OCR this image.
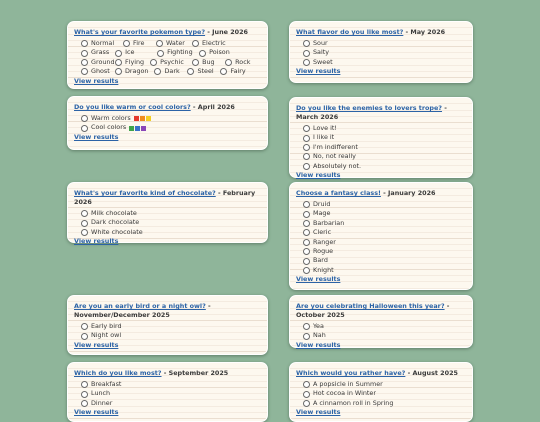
What's your favorite pokemon type? - June 2026
Normal	Fire	Water	Electric
Grass	Ice	Fighting	Poison
Ground Flying	Psychic	Bug	Rock
Ghost Dragon	Dark	Steel	Fairy
View results
What flavor do you like most? - May 2026
Sour
Salty
Sweet
View results
Do you like warm or cool colors? - April 2026
Warm colors
Cool colors
View results
Do you like the enemies to lovers trope? - March 2026
Love it!
I like it
I'm indifferent
No, not really
Absolutely not.
View results
What's your favorite kind of chocolate? - February 2026
Milk chocolate
Dark chocolate
White chocolate
View results
Choose a fantasy class! - January 2026
Druid
Mage
Barbarian
Cleric
Ranger
Rogue
Bard
Knight
View results
Are you an early bird or a night owl? - November/December 2025
Early bird
Night owl
View results
Are you celebrating Halloween this year? - October 2025
Yea
Nah
View results
Which do you like most? - September 2025
Breakfast
Lunch
Dinner
View results
Which would you rather have? - August 2025
A popsicle in Summer
Hot cocoa in Winter
A cinnamon roll in Spring
View results
